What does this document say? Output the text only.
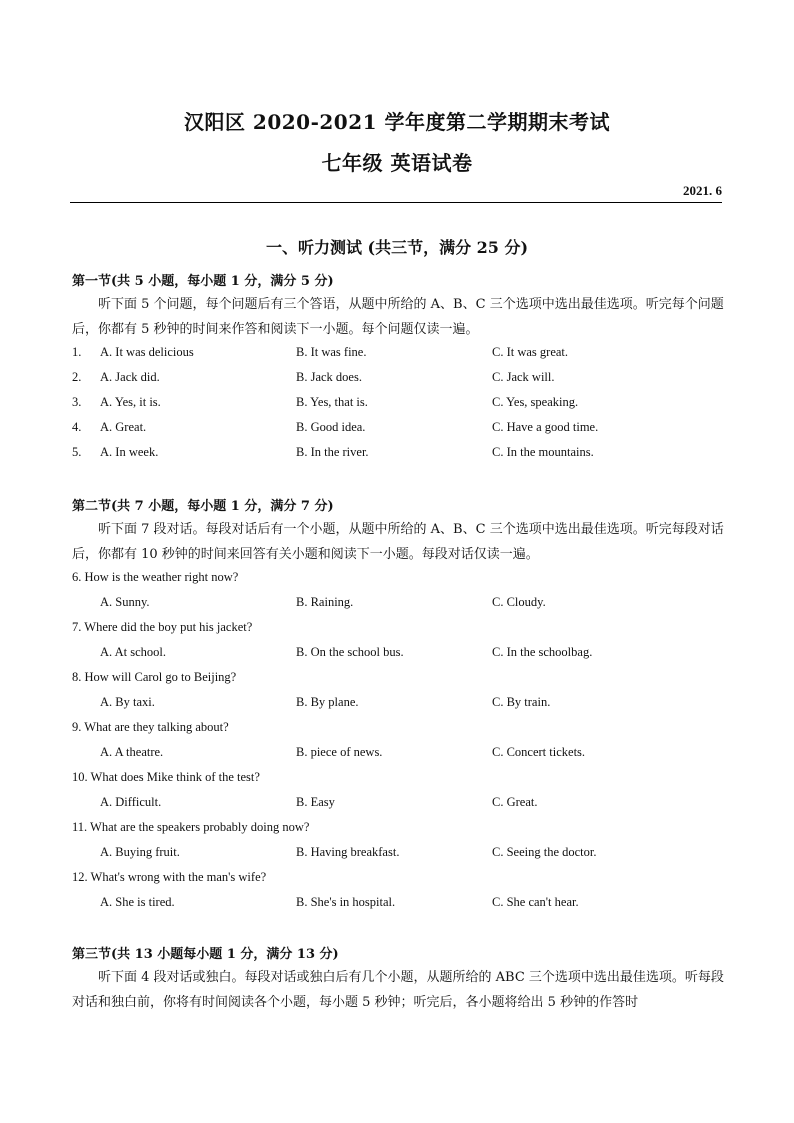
汉阳区 2020-2021 学年度第二学期期末考试
七年级 英语试卷
2021. 6
一、听力测试 (共三节，满分 25 分)
第一节(共 5 小题，每小题 1 分，满分 5 分)
听下面 5 个问题，每个问题后有三个答语，从题中所给的 A、B、C 三个选项中选出最佳选项。听完每个问题后，你都有 5 秒钟的时间来作答和阅读下一小题。每个问题仅读一遍。
1. A. It was delicious	B. It was fine.	C. It was great.
2. A. Jack did.	B. Jack does.	C. Jack will.
3. A. Yes, it is.	B. Yes, that is.	C. Yes, speaking.
4. A. Great.	B. Good idea.	C. Have a good time.
5. A. In week.	B. In the river.	C. In the mountains.
第二节(共 7 小题，每小题 1 分，满分 7 分)
听下面 7 段对话。每段对话后有一个小题，从题中所给的 A、B、C 三个选项中选出最佳选项。听完每段对话后，你都有 10 秒钟的时间来回答有关小题和阅读下一小题。每段对话仅读一遍。
6. How is the weather right now?
A. Sunny.	B. Raining.	C. Cloudy.
7. Where did the boy put his jacket?
A. At school.	B. On the school bus.	C. In the schoolbag.
8. How will Carol go to Beijing?
A. By taxi.	B. By plane.	C. By train.
9. What are they talking about?
A. A theatre.	B. piece of news.	C. Concert tickets.
10. What does Mike think of the test?
A. Difficult.	B. Easy	C. Great.
11. What are the speakers probably doing now?
A. Buying fruit.	B. Having breakfast.	C. Seeing the doctor.
12. What's wrong with the man's wife?
A. She is tired.	B. She's in hospital.	C. She can't hear.
第三节(共 13 小题每小题 1 分，满分 13 分)
听下面 4 段对话或独白。每段对话或独白后有几个小题，从题所给的 ABC 三个选项中选出最佳选项。听每段对话和独白前，你将有时间阅读各个小题，每小题 5 秒钟；听完后，各小题将给出 5 秒钟的作答时
